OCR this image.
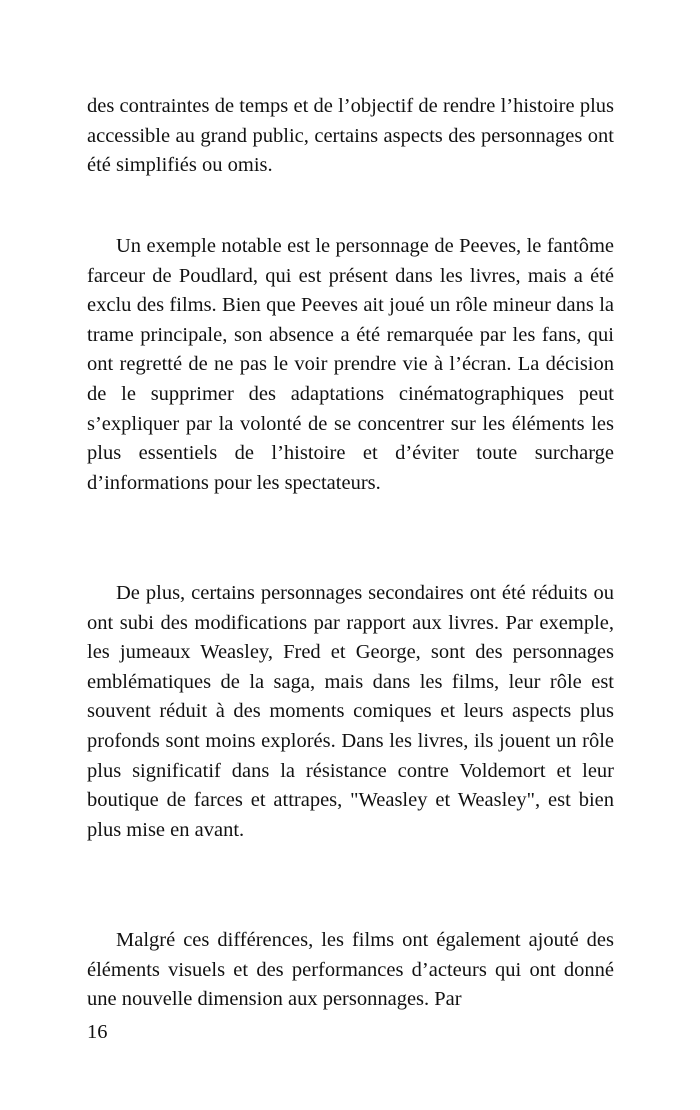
des contraintes de temps et de l’objectif de rendre l’histoire plus accessible au grand public, certains aspects des personnages ont été simplifiés ou omis.

Un exemple notable est le personnage de Peeves, le fantôme farceur de Poudlard, qui est présent dans les livres, mais a été exclu des films. Bien que Peeves ait joué un rôle mineur dans la trame principale, son absence a été remarquée par les fans, qui ont regretté de ne pas le voir prendre vie à l’écran. La décision de le supprimer des adaptations cinématographiques peut s’expliquer par la volonté de se concentrer sur les éléments les plus essentiels de l’histoire et d’éviter toute surcharge d’informations pour les spectateurs.

De plus, certains personnages secondaires ont été réduits ou ont subi des modifications par rapport aux livres. Par exemple, les jumeaux Weasley, Fred et George, sont des personnages emblématiques de la saga, mais dans les films, leur rôle est souvent réduit à des moments comiques et leurs aspects plus profonds sont moins explorés. Dans les livres, ils jouent un rôle plus significatif dans la résistance contre Voldemort et leur boutique de farces et attrapes, "Weasley et Weasley", est bien plus mise en avant.

Malgré ces différences, les films ont également ajouté des éléments visuels et des performances d’acteurs qui ont donné une nouvelle dimension aux personnages. Par

16
